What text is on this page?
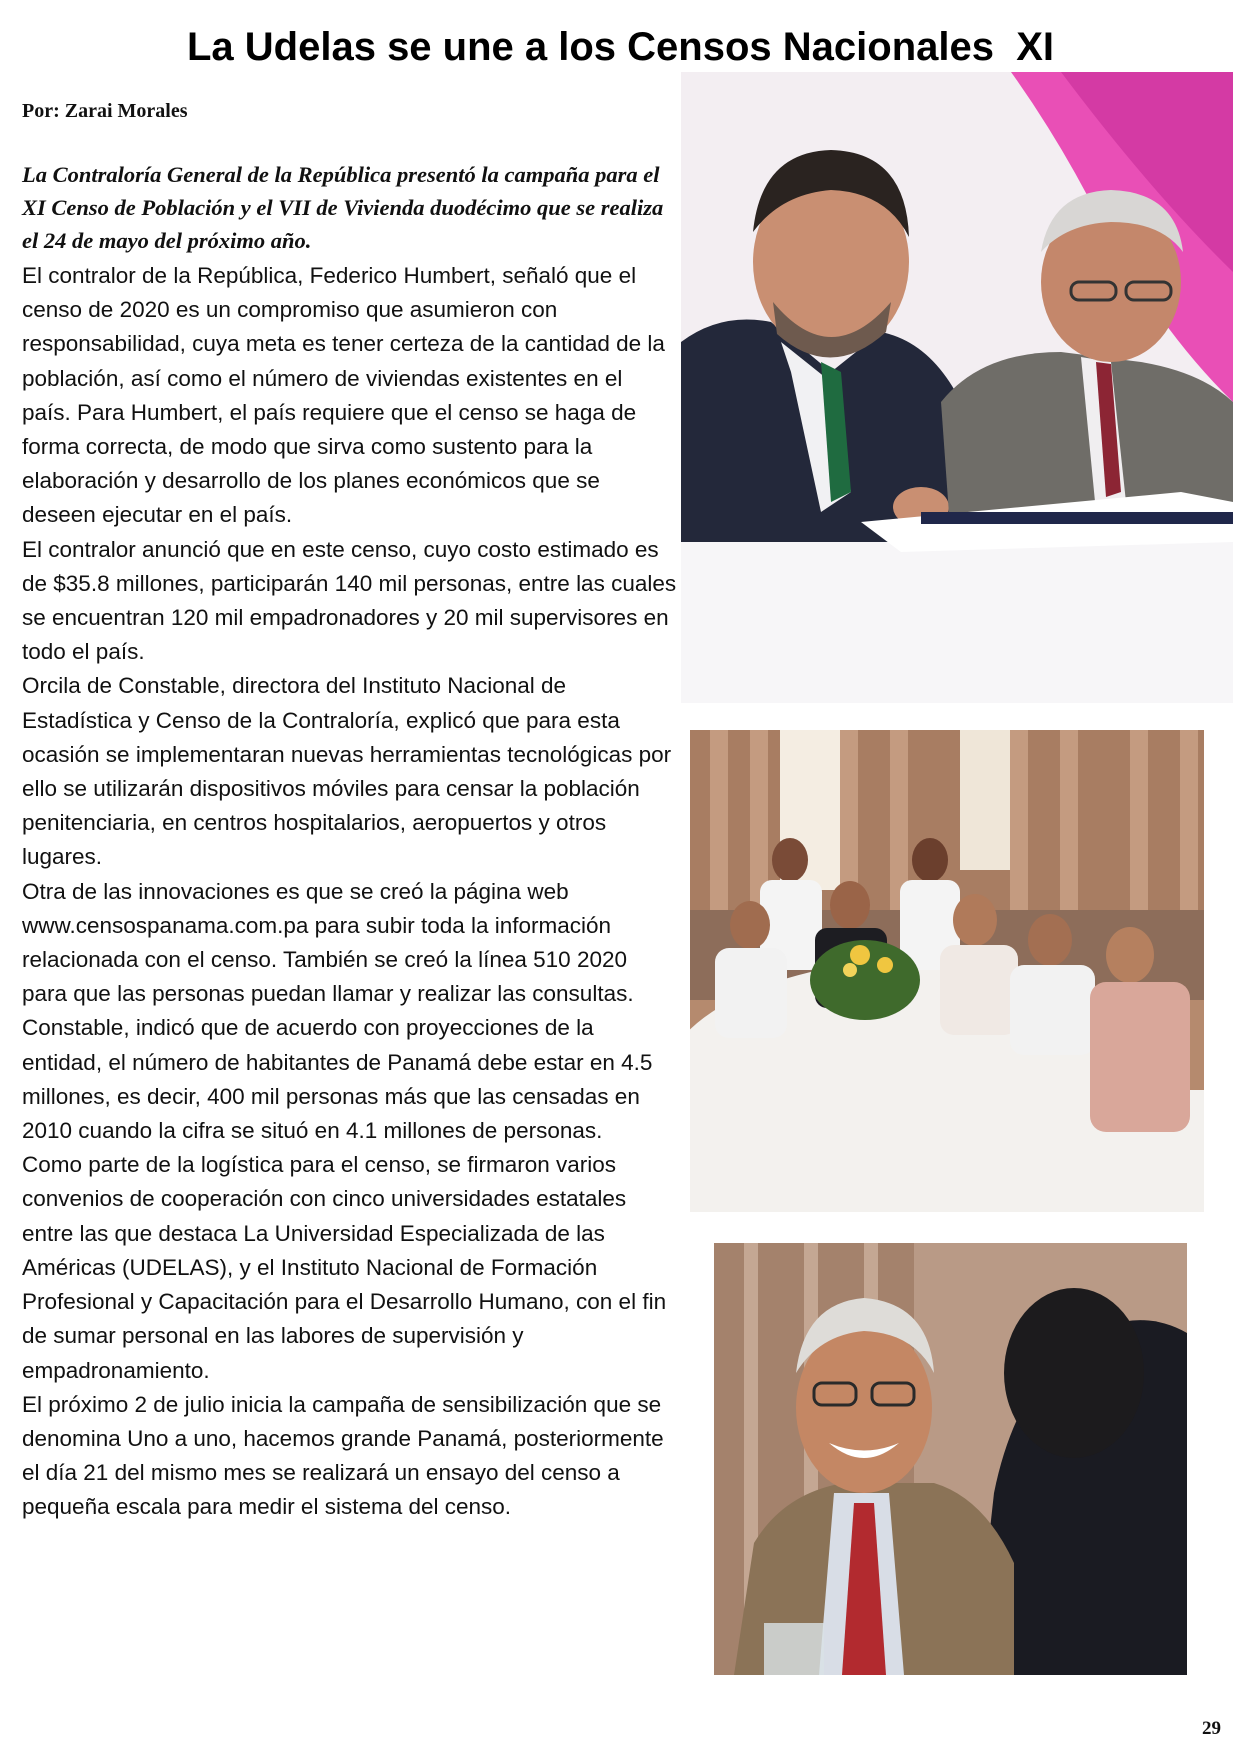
La Udelas se une a los Censos Nacionales  XI
Por: Zarai Morales

La Contraloría General de la República presentó la campaña para el XI Censo de Población y el VII de Vivienda duodécimo que se realiza el 24 de mayo del próximo año.

El contralor de la República, Federico Humbert, señaló que el censo de 2020 es un compromiso que asumieron con responsabilidad, cuya meta es tener certeza de la cantidad de la población, así como el número de viviendas existentes en el país. Para Humbert, el país requiere que el censo se haga de forma correcta, de modo que sirva como sustento para la elaboración y desarrollo de los planes económicos que se deseen ejecutar en el país.

El contralor anunció que en este censo, cuyo costo estimado es de $35.8 millones, participarán 140 mil personas, entre las cuales se encuentran 120 mil empadronadores y 20 mil supervisores en todo el país.

Orcila de Constable, directora del Instituto Nacional de Estadística y Censo de la Contraloría, explicó que para esta ocasión se implementaran nuevas herramientas tecnológicas por ello se utilizarán dispositivos móviles para censar la población penitenciaria, en centros hospitalarios, aeropuertos y otros lugares.

Otra de las innovaciones es que se creó la página web www.censospanama.com.pa para subir toda la información relacionada con el censo. También se creó la línea 510 2020 para que las personas puedan llamar y realizar las consultas.

Constable, indicó que de acuerdo con proyecciones de la entidad, el número de habitantes de Panamá debe estar en 4.5 millones, es decir, 400 mil personas más que las censadas en 2010 cuando la cifra se situó en 4.1 millones de personas.

Como parte de la logística para el censo, se firmaron varios convenios de cooperación con cinco universidades estatales entre las que destaca La Universidad Especializada de las Américas (UDELAS), y el Instituto Nacional de Formación Profesional y Capacitación para el Desarrollo Humano, con el fin de sumar personal en las labores de supervisión y empadronamiento.

El próximo 2 de julio inicia la campaña de sensibilización que se denomina Uno a uno, hacemos grande Panamá, posteriormente el día 21 del mismo mes se realizará un ensayo del censo a pequeña escala para medir el sistema del censo.

29
